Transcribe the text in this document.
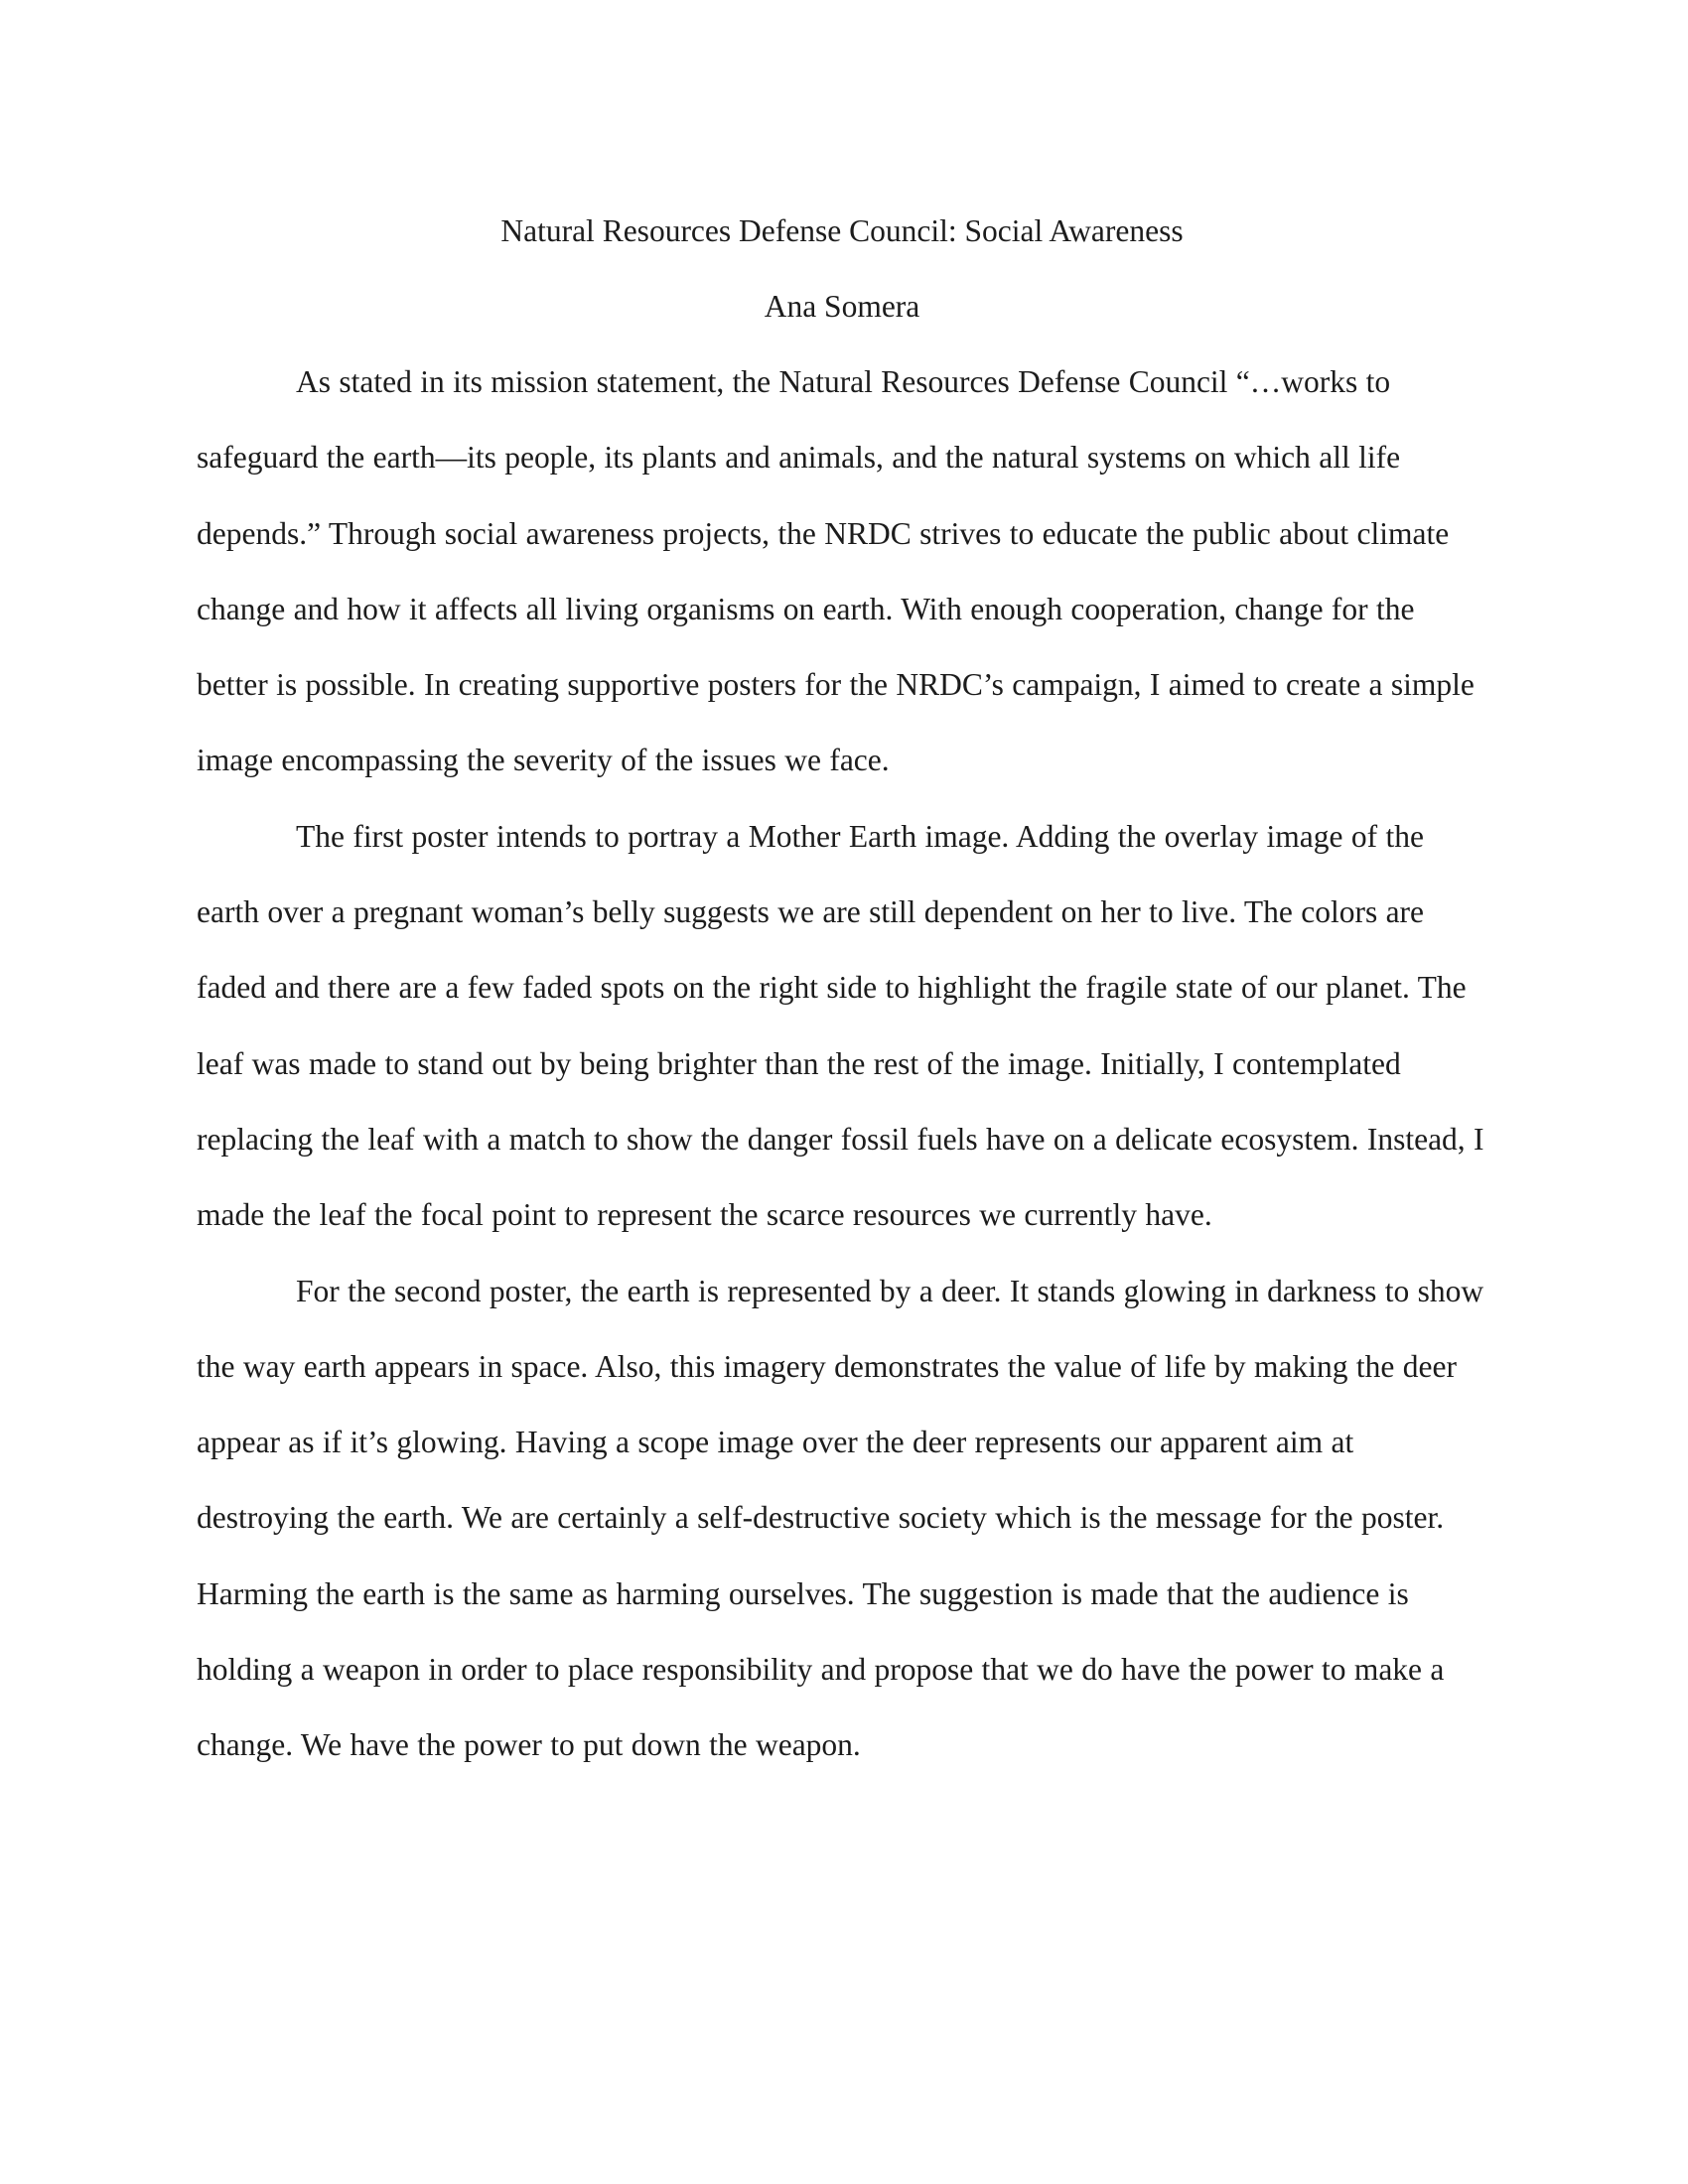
Natural Resources Defense Council: Social Awareness

Ana Somera

As stated in its mission statement, the Natural Resources Defense Council “…works to safeguard the earth—its people, its plants and animals, and the natural systems on which all life depends.” Through social awareness projects, the NRDC strives to educate the public about climate change and how it affects all living organisms on earth. With enough cooperation, change for the better is possible. In creating supportive posters for the NRDC’s campaign, I aimed to create a simple image encompassing the severity of the issues we face.

The first poster intends to portray a Mother Earth image. Adding the overlay image of the earth over a pregnant woman’s belly suggests we are still dependent on her to live. The colors are faded and there are a few faded spots on the right side to highlight the fragile state of our planet. The leaf was made to stand out by being brighter than the rest of the image. Initially, I contemplated replacing the leaf with a match to show the danger fossil fuels have on a delicate ecosystem. Instead, I made the leaf the focal point to represent the scarce resources we currently have.

For the second poster, the earth is represented by a deer. It stands glowing in darkness to show the way earth appears in space. Also, this imagery demonstrates the value of life by making the deer appear as if it’s glowing. Having a scope image over the deer represents our apparent aim at destroying the earth. We are certainly a self-destructive society which is the message for the poster. Harming the earth is the same as harming ourselves. The suggestion is made that the audience is holding a weapon in order to place responsibility and propose that we do have the power to make a change. We have the power to put down the weapon.
